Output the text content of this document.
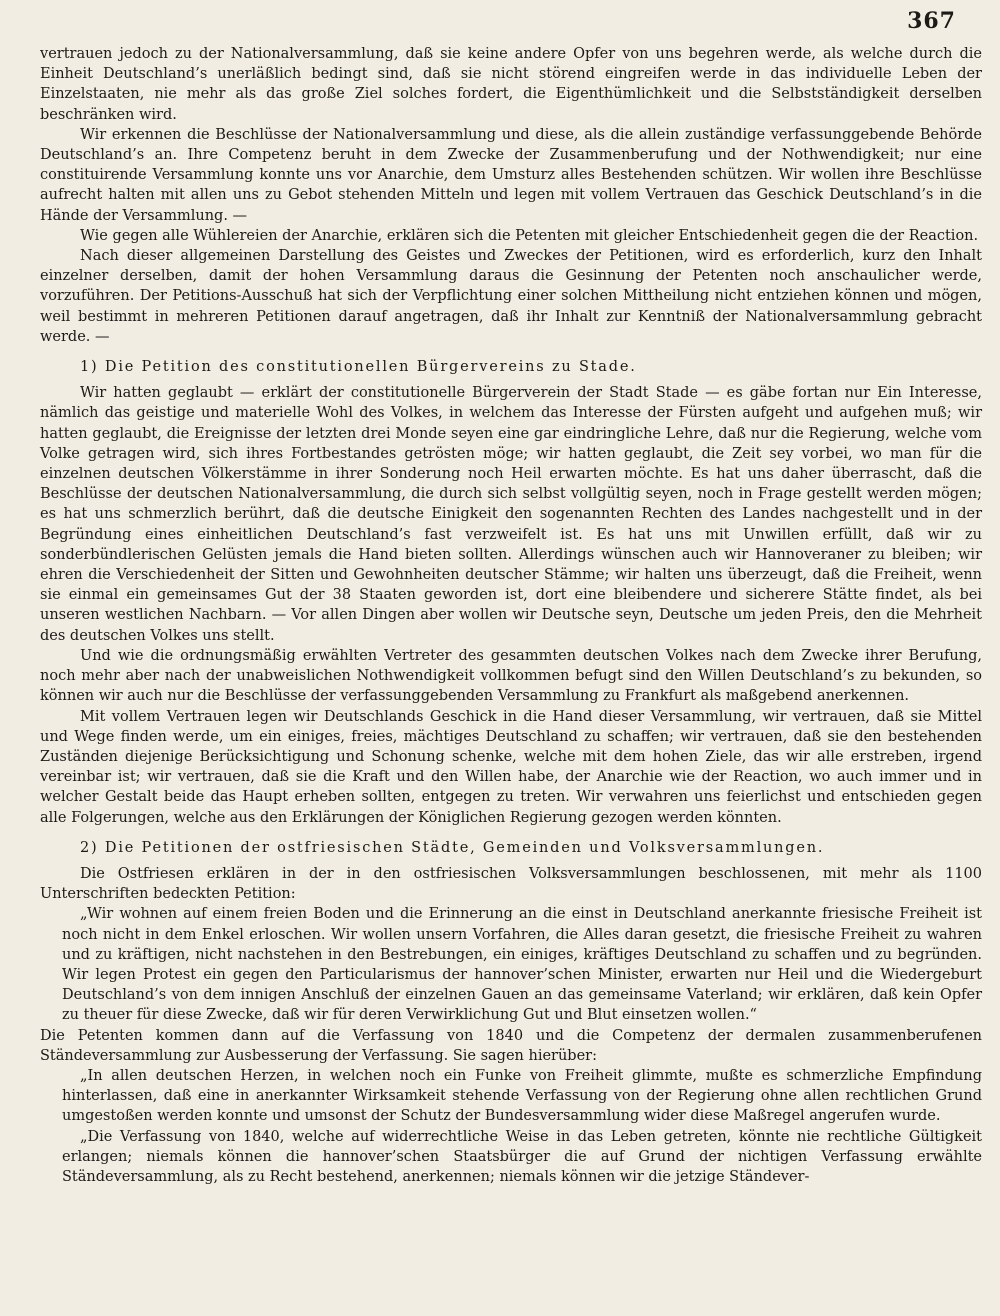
367

vertrauen jedoch zu der Nationalversammlung, daß sie keine andere Opfer von uns begehren werde, als welche durch die Einheit Deutschland’s unerläßlich bedingt sind, daß sie nicht störend eingreifen werde in das individuelle Leben der Einzelstaaten, nie mehr als das große Ziel solches fordert, die Eigenthümlichkeit und die Selbstständigkeit derselben beschränken wird.

Wir erkennen die Beschlüsse der Nationalversammlung und diese, als die allein zuständige verfassunggebende Behörde Deutschland’s an. Ihre Competenz beruht in dem Zwecke der Zusammenberufung und der Nothwendigkeit; nur eine constituirende Versammlung konnte uns vor Anarchie, dem Umsturz alles Bestehenden schützen. Wir wollen ihre Beschlüsse aufrecht halten mit allen uns zu Gebot stehenden Mitteln und legen mit vollem Vertrauen das Geschick Deutschland’s in die Hände der Versammlung. —

Wie gegen alle Wühlereien der Anarchie, erklären sich die Petenten mit gleicher Entschiedenheit gegen die der Reaction.

Nach dieser allgemeinen Darstellung des Geistes und Zweckes der Petitionen, wird es erforderlich, kurz den Inhalt einzelner derselben, damit der hohen Versammlung daraus die Gesinnung der Petenten noch anschaulicher werde, vorzuführen. Der Petitions-Ausschuß hat sich der Verpflichtung einer solchen Mittheilung nicht entziehen können und mögen, weil bestimmt in mehreren Petitionen darauf angetragen, daß ihr Inhalt zur Kenntniß der Nationalversammlung gebracht werde. —

1) Die Petition des constitutionellen Bürgervereins zu Stade.

Wir hatten geglaubt — erklärt der constitutionelle Bürgerverein der Stadt Stade — es gäbe fortan nur Ein Interesse, nämlich das geistige und materielle Wohl des Volkes, in welchem das Interesse der Fürsten aufgeht und aufgehen muß; wir hatten geglaubt, die Ereignisse der letzten drei Monde seyen eine gar eindringliche Lehre, daß nur die Regierung, welche vom Volke getragen wird, sich ihres Fortbestandes getrösten möge; wir hatten geglaubt, die Zeit sey vorbei, wo man für die einzelnen deutschen Völkerstämme in ihrer Sonderung noch Heil erwarten möchte. Es hat uns daher überrascht, daß die Beschlüsse der deutschen Nationalversammlung, die durch sich selbst vollgültig seyen, noch in Frage gestellt werden mögen; es hat uns schmerzlich berührt, daß die deutsche Einigkeit den sogenannten Rechten des Landes nachgestellt und in der Begründung eines einheitlichen Deutschland’s fast verzweifelt ist. Es hat uns mit Unwillen erfüllt, daß wir zu sonderbündlerischen Gelüsten jemals die Hand bieten sollten. Allerdings wünschen auch wir Hannoveraner zu bleiben; wir ehren die Verschiedenheit der Sitten und Gewohnheiten deutscher Stämme; wir halten uns überzeugt, daß die Freiheit, wenn sie einmal ein gemeinsames Gut der 38 Staaten geworden ist, dort eine bleibendere und sicherere Stätte findet, als bei unseren westlichen Nachbarn. — Vor allen Dingen aber wollen wir Deutsche seyn, Deutsche um jeden Preis, den die Mehrheit des deutschen Volkes uns stellt.

Und wie die ordnungsmäßig erwählten Vertreter des gesammten deutschen Volkes nach dem Zwecke ihrer Berufung, noch mehr aber nach der unabweislichen Nothwendigkeit vollkommen befugt sind den Willen Deutschland’s zu bekunden, so können wir auch nur die Beschlüsse der verfassunggebenden Versammlung zu Frankfurt als maßgebend anerkennen.

Mit vollem Vertrauen legen wir Deutschlands Geschick in die Hand dieser Versammlung, wir vertrauen, daß sie Mittel und Wege finden werde, um ein einiges, freies, mächtiges Deutschland zu schaffen; wir vertrauen, daß sie den bestehenden Zuständen diejenige Berücksichtigung und Schonung schenke, welche mit dem hohen Ziele, das wir alle erstreben, irgend vereinbar ist; wir vertrauen, daß sie die Kraft und den Willen habe, der Anarchie wie der Reaction, wo auch immer und in welcher Gestalt beide das Haupt erheben sollten, entgegen zu treten. Wir verwahren uns feierlichst und entschieden gegen alle Folgerungen, welche aus den Erklärungen der Königlichen Regierung gezogen werden könnten.

2) Die Petitionen der ostfriesischen Städte, Gemeinden und Volksversammlungen.

Die Ostfriesen erklären in der in den ostfriesischen Volksversammlungen beschlossenen, mit mehr als 1100 Unterschriften bedeckten Petition:

„Wir wohnen auf einem freien Boden und die Erinnerung an die einst in Deutschland anerkannte friesische Freiheit ist noch nicht in dem Enkel erloschen. Wir wollen unsern Vorfahren, die Alles daran gesetzt, die friesische Freiheit zu wahren und zu kräftigen, nicht nachstehen in den Bestrebungen, ein einiges, kräftiges Deutschland zu schaffen und zu begründen. Wir legen Protest ein gegen den Particularismus der hannover’schen Minister, erwarten nur Heil und die Wiedergeburt Deutschland’s von dem innigen Anschluß der einzelnen Gauen an das gemeinsame Vaterland; wir erklären, daß kein Opfer zu theuer für diese Zwecke, daß wir für deren Verwirklichung Gut und Blut einsetzen wollen.“

Die Petenten kommen dann auf die Verfassung von 1840 und die Competenz der dermalen zusammenberufenen Ständeversammlung zur Ausbesserung der Verfassung. Sie sagen hierüber:

„In allen deutschen Herzen, in welchen noch ein Funke von Freiheit glimmte, mußte es schmerzliche Empfindung hinterlassen, daß eine in anerkannter Wirksamkeit stehende Verfassung von der Regierung ohne allen rechtlichen Grund umgestoßen werden konnte und umsonst der Schutz der Bundesversammlung wider diese Maßregel angerufen wurde.

„Die Verfassung von 1840, welche auf widerrechtliche Weise in das Leben getreten, könnte nie rechtliche Gültigkeit erlangen; niemals können die hannover’schen Staatsbürger die auf Grund der nichtigen Verfassung erwählte Ständeversammlung, als zu Recht bestehend, anerkennen; niemals können wir die jetzige Ständever-
